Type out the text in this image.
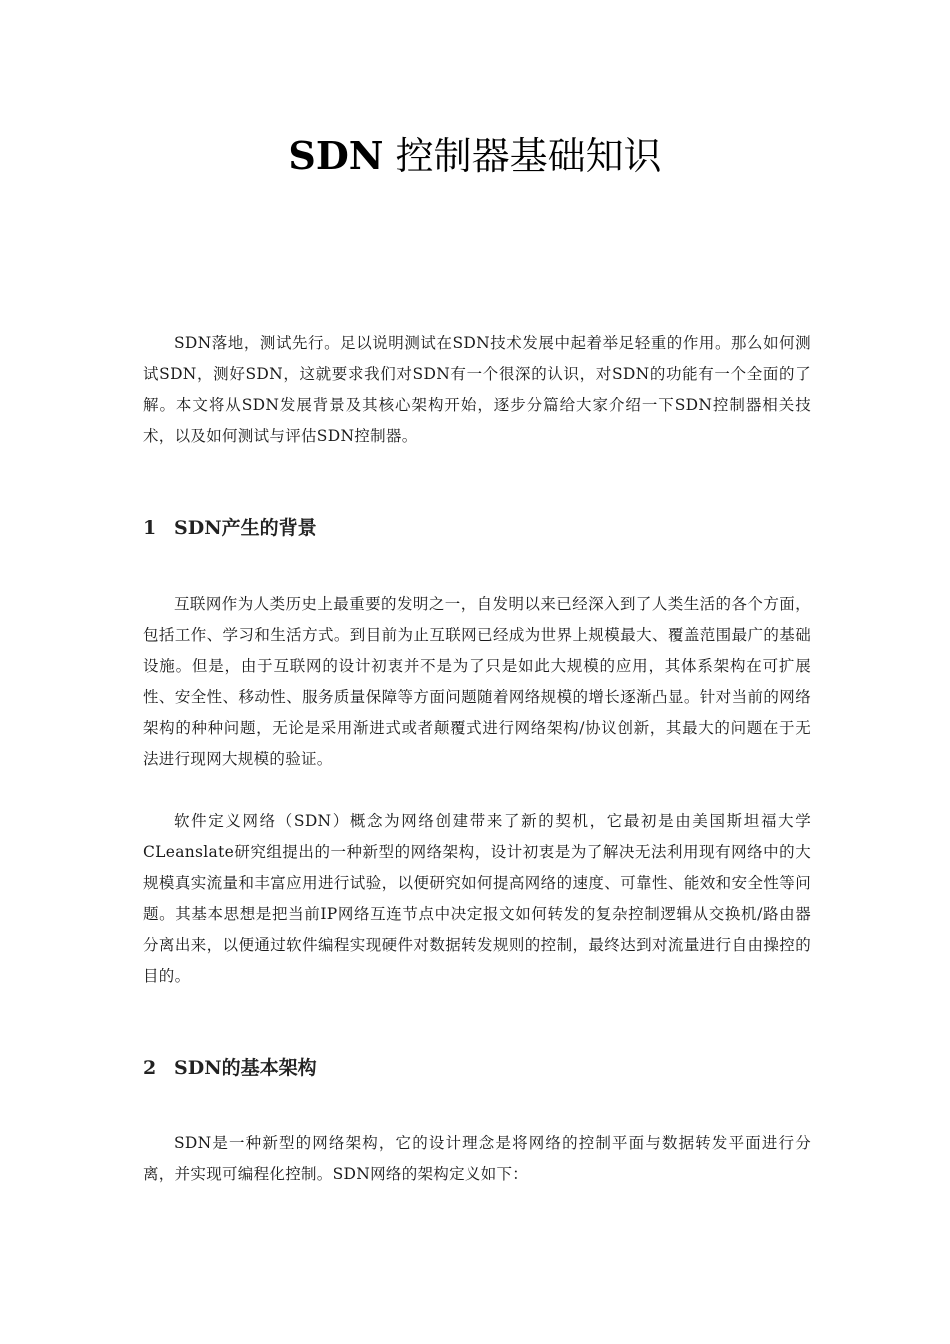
SDN 控制器基础知识

SDN落地，测试先行。足以说明测试在SDN技术发展中起着举足轻重的作用。那么如何测试SDN，测好SDN，这就要求我们对SDN有一个很深的认识，对SDN的功能有一个全面的了解。本文将从SDN发展背景及其核心架构开始，逐步分篇给大家介绍一下SDN控制器相关技术，以及如何测试与评估SDN控制器。

1 SDN产生的背景

互联网作为人类历史上最重要的发明之一，自发明以来已经深入到了人类生活的各个方面，包括工作、学习和生活方式。到目前为止互联网已经成为世界上规模最大、覆盖范围最广的基础设施。但是，由于互联网的设计初衷并不是为了只是如此大规模的应用，其体系架构在可扩展性、安全性、移动性、服务质量保障等方面问题随着网络规模的增长逐渐凸显。针对当前的网络架构的种种问题，无论是采用渐进式或者颠覆式进行网络架构/协议创新，其最大的问题在于无法进行现网大规模的验证。

软件定义网络（SDN）概念为网络创建带来了新的契机，它最初是由美国斯坦福大学CLeanslate研究组提出的一种新型的网络架构，设计初衷是为了解决无法利用现有网络中的大规模真实流量和丰富应用进行试验，以便研究如何提高网络的速度、可靠性、能效和安全性等问题。其基本思想是把当前IP网络互连节点中决定报文如何转发的复杂控制逻辑从交换机/路由器分离出来，以便通过软件编程实现硬件对数据转发规则的控制，最终达到对流量进行自由操控的目的。

2 SDN的基本架构

SDN是一种新型的网络架构，它的设计理念是将网络的控制平面与数据转发平面进行分离，并实现可编程化控制。SDN网络的架构定义如下：
